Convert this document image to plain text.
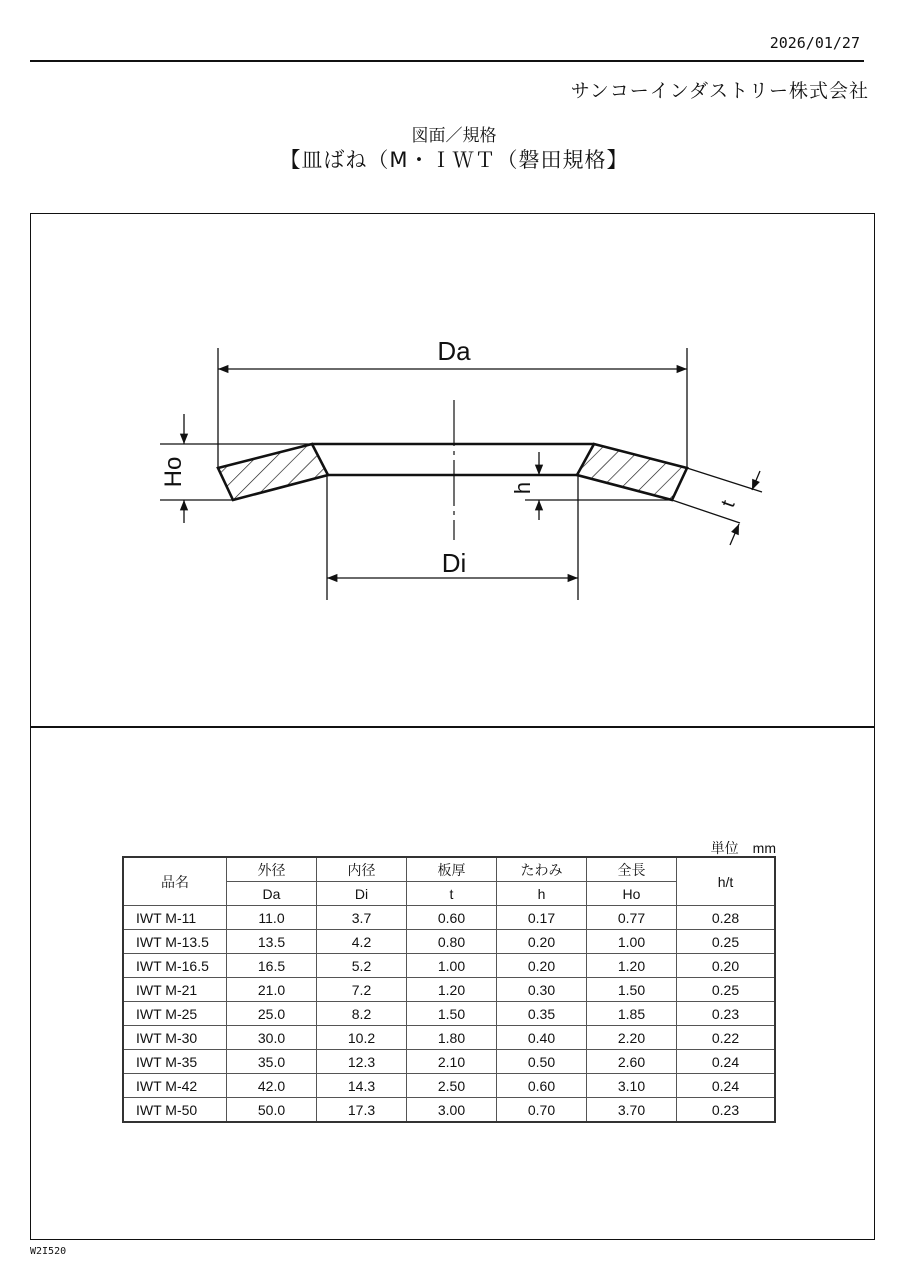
2026/01/27
サンコーインダストリー株式会社
図面／規格
【皿ばね（M・ＩＷＴ（磐田規格】
Da
Di
Ho
h
t
単位　mm
品名	外径	内径	板厚	たわみ	全長	h/t
	Da	Di	t	h	Ho	
IWT M-11	11.0	3.7	0.60	0.17	0.77	0.28
IWT M-13.5	13.5	4.2	0.80	0.20	1.00	0.25
IWT M-16.5	16.5	5.2	1.00	0.20	1.20	0.20
IWT M-21	21.0	7.2	1.20	0.30	1.50	0.25
IWT M-25	25.0	8.2	1.50	0.35	1.85	0.23
IWT M-30	30.0	10.2	1.80	0.40	2.20	0.22
IWT M-35	35.0	12.3	2.10	0.50	2.60	0.24
IWT M-42	42.0	14.3	2.50	0.60	3.10	0.24
IWT M-50	50.0	17.3	3.00	0.70	3.70	0.23
W2I520
